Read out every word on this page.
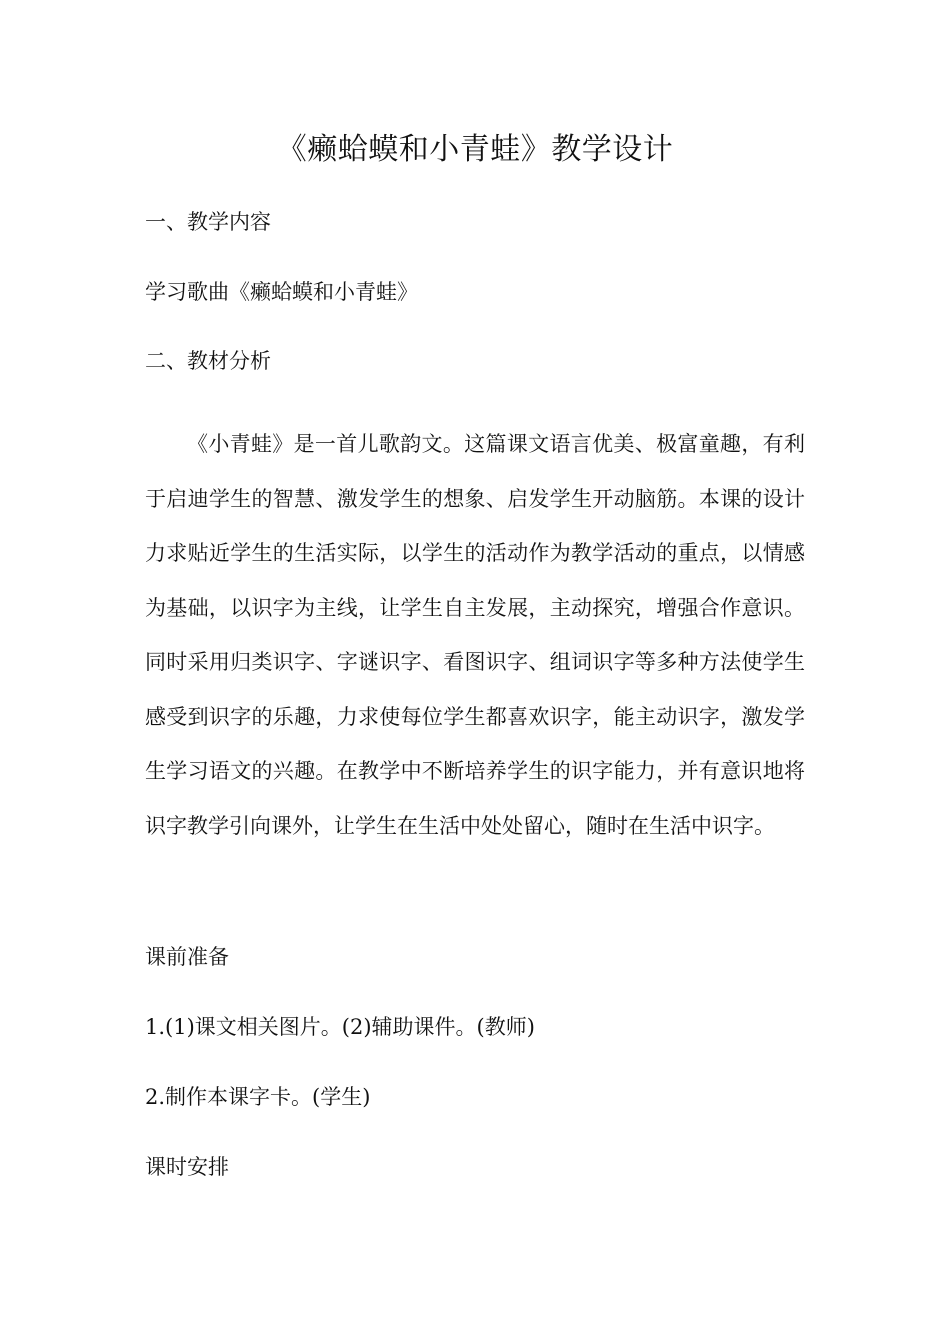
《癞蛤蟆和小青蛙》教学设计

一、教学内容

学习歌曲《癞蛤蟆和小青蛙》

二、教材分析

《小青蛙》是一首儿歌韵文。这篇课文语言优美、极富童趣，有利于启迪学生的智慧、激发学生的想象、启发学生开动脑筋。本课的设计力求贴近学生的生活实际，以学生的活动作为教学活动的重点，以情感为基础，以识字为主线，让学生自主发展，主动探究，增强合作意识。同时采用归类识字、字谜识字、看图识字、组词识字等多种方法使学生感受到识字的乐趣，力求使每位学生都喜欢识字，能主动识字，激发学生学习语文的兴趣。在教学中不断培养学生的识字能力，并有意识地将识字教学引向课外，让学生在生活中处处留心，随时在生活中识字。

课前准备

1.(1)课文相关图片。(2)辅助课件。(教师)

2.制作本课字卡。(学生)

课时安排
